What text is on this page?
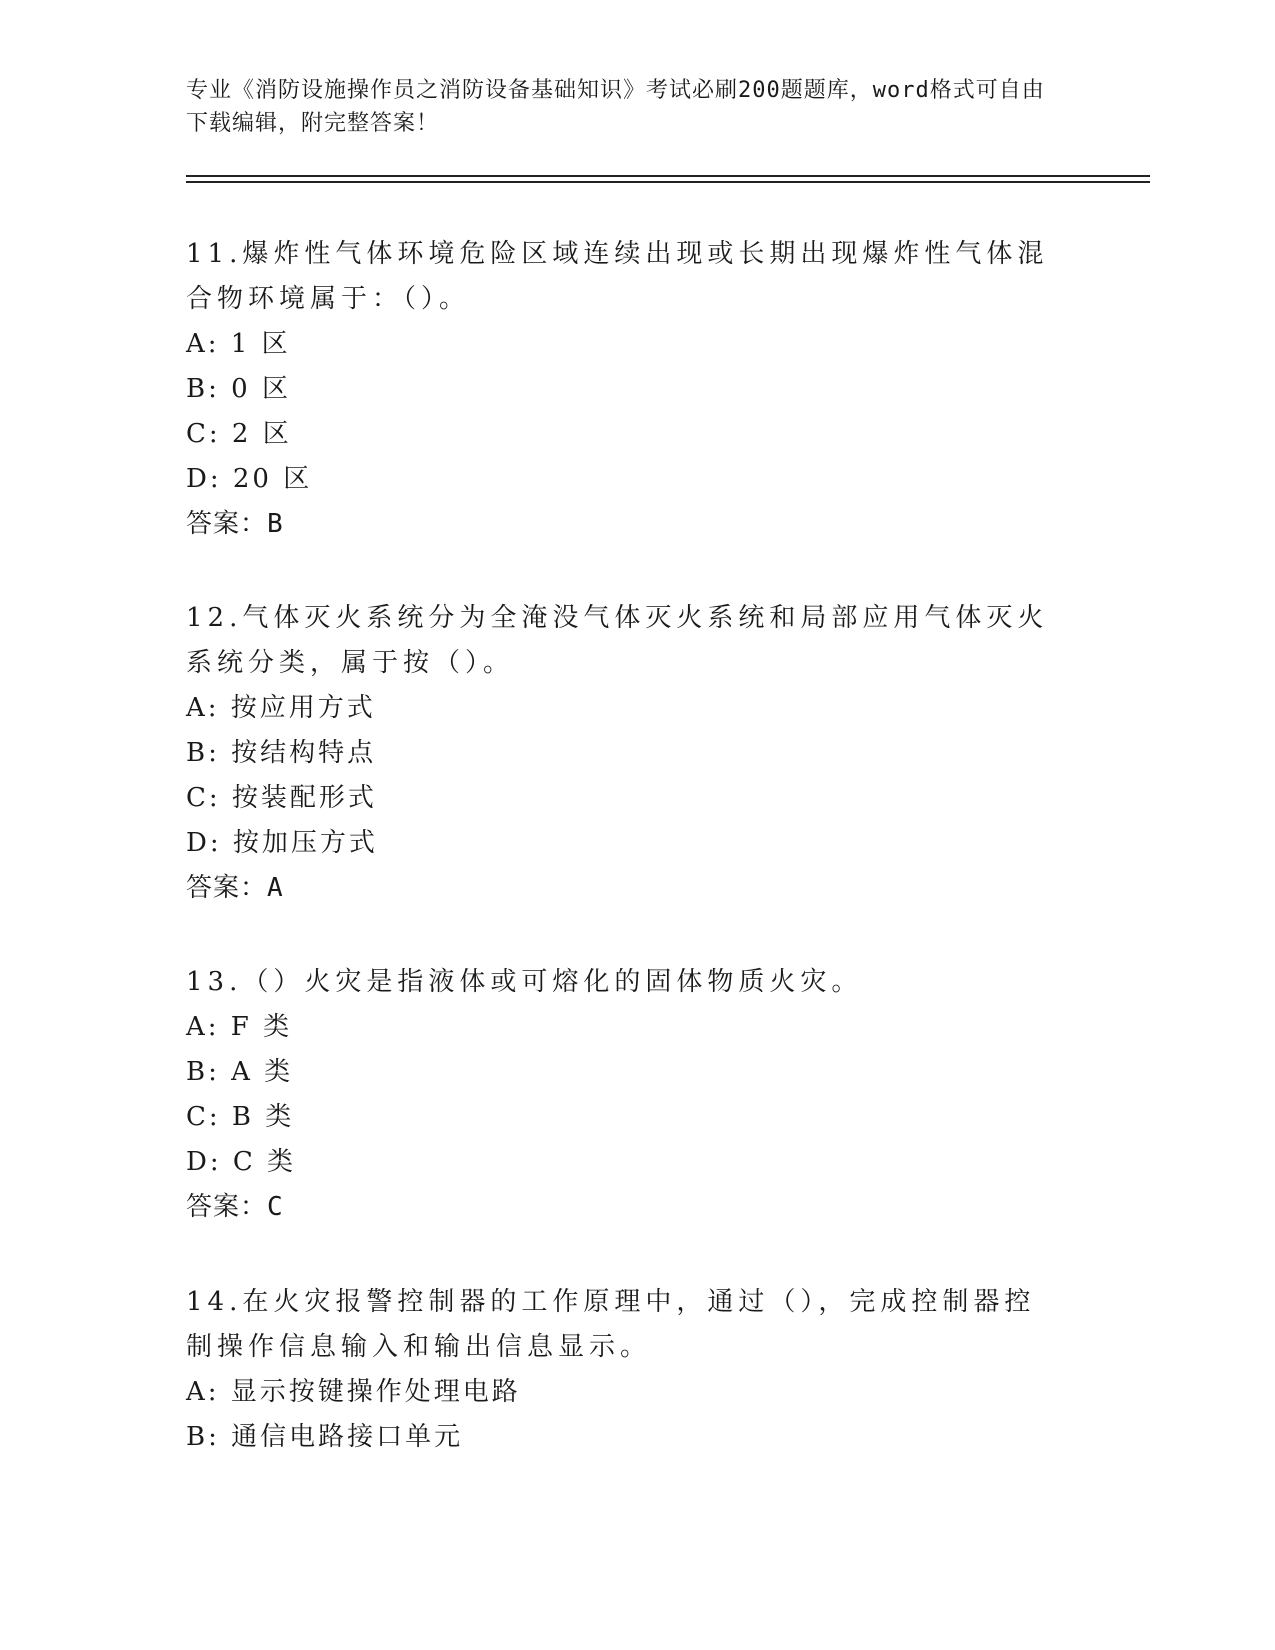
专业《消防设施操作员之消防设备基础知识》考试必刷200题题库，word格式可自由下载编辑，附完整答案！
11.爆炸性气体环境危险区域连续出现或长期出现爆炸性气体混合物环境属于：（）。
A: 1 区
B: 0 区
C: 2 区
D: 20 区
答案：B
12.气体灭火系统分为全淹没气体灭火系统和局部应用气体灭火系统分类，属于按（）。
A: 按应用方式
B: 按结构特点
C: 按装配形式
D: 按加压方式
答案：A
13.（）火灾是指液体或可熔化的固体物质火灾。
A: F 类
B: A 类
C: B 类
D: C 类
答案：C
14.在火灾报警控制器的工作原理中，通过（），完成控制器控制操作信息输入和输出信息显示。
A: 显示按键操作处理电路
B: 通信电路接口单元
